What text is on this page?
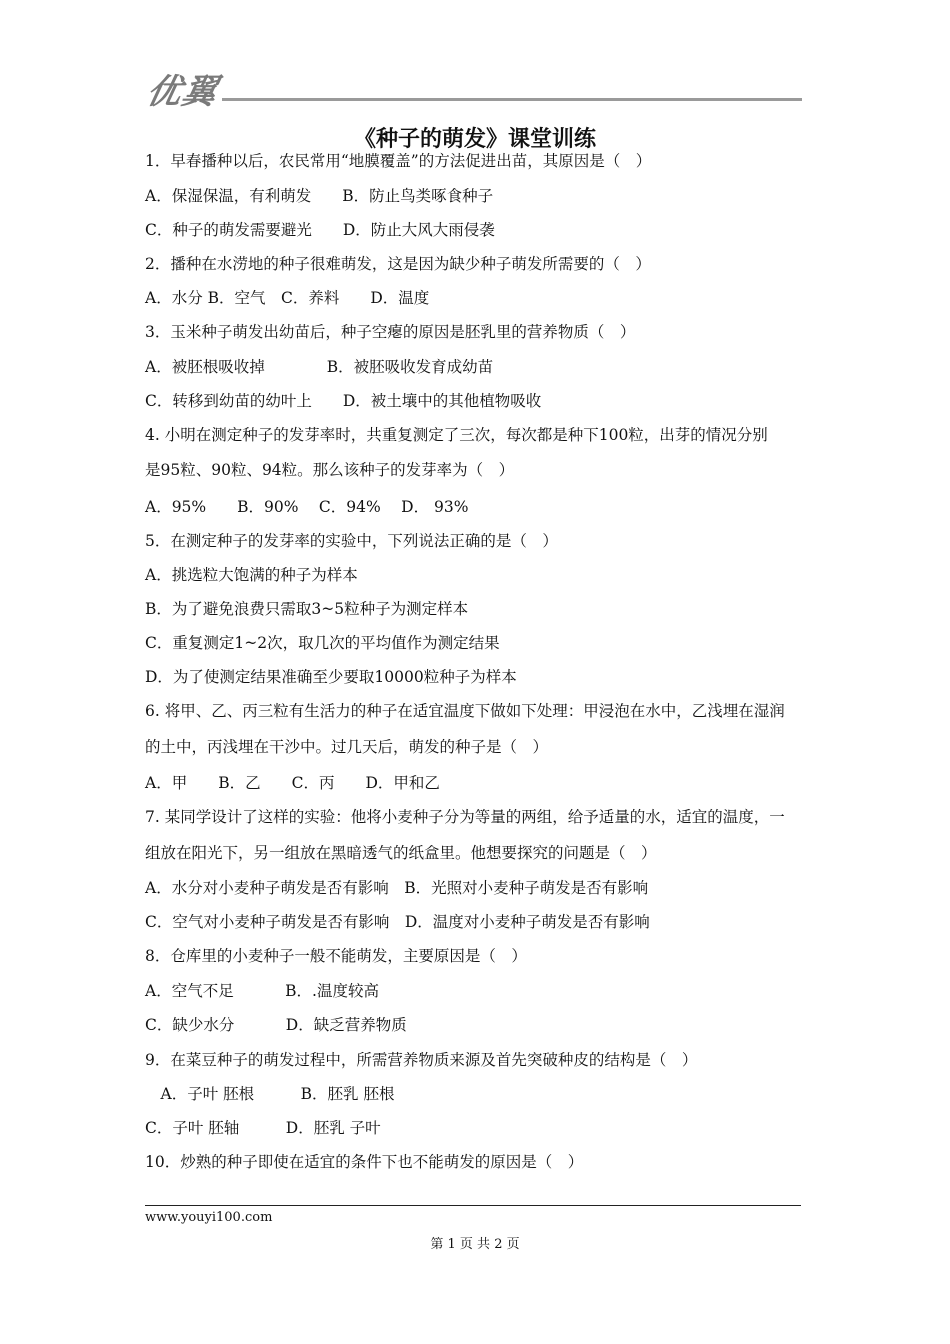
优翼
《种子的萌发》课堂训练
1．早春播种以后，农民常用“地膜覆盖”的方法促进出苗，其原因是（　）
A．保湿保温，有利萌发　　B．防止鸟类啄食种子
C．种子的萌发需要避光　　D．防止大风大雨侵袭
2．播种在水涝地的种子很难萌发，这是因为缺少种子萌发所需要的（　）
A．水分 B．空气　C．养料　　D．温度
3．玉米种子萌发出幼苗后，种子空瘪的原因是胚乳里的营养物质（　）
A．被胚根吸收掉　　　　B．被胚吸收发育成幼苗
C．转移到幼苗的幼叶上　　D．被土壤中的其他植物吸收
4. 小明在测定种子的发芽率时，共重复测定了三次，每次都是种下100粒，出芽的情况分别
是95粒、90粒、94粒。那么该种子的发芽率为（　）
A．95%　　B．90%　 C．94%　 D． 93%
5．在测定种子的发芽率的实验中，下列说法正确的是（　）
A．挑选粒大饱满的种子为样本
B．为了避免浪费只需取3~5粒种子为测定样本
C．重复测定1~2次，取几次的平均值作为测定结果
D．为了使测定结果准确至少要取10000粒种子为样本
6. 将甲、乙、丙三粒有生活力的种子在适宜温度下做如下处理：甲浸泡在水中，乙浅埋在湿润
的土中，丙浅埋在干沙中。过几天后，萌发的种子是（　）
A．甲　　B．乙　　C．丙　　D．甲和乙
7. 某同学设计了这样的实验：他将小麦种子分为等量的两组，给予适量的水，适宜的温度，一
组放在阳光下，另一组放在黑暗透气的纸盒里。他想要探究的问题是（　）
A．水分对小麦种子萌发是否有影响　B．光照对小麦种子萌发是否有影响
C．空气对小麦种子萌发是否有影响　D．温度对小麦种子萌发是否有影响
8．仓库里的小麦种子一般不能萌发，主要原因是（　）
A．空气不足　　　 B．.温度较高
C．缺少水分　　　 D．缺乏营养物质
9．在菜豆种子的萌发过程中，所需营养物质来源及首先突破种皮的结构是（　）
　A．子叶 胚根　　　B．胚乳 胚根
C．子叶 胚轴　　　D．胚乳 子叶
10．炒熟的种子即使在适宜的条件下也不能萌发的原因是（　）
www.youyi100.com
第 1 页 共 2 页
